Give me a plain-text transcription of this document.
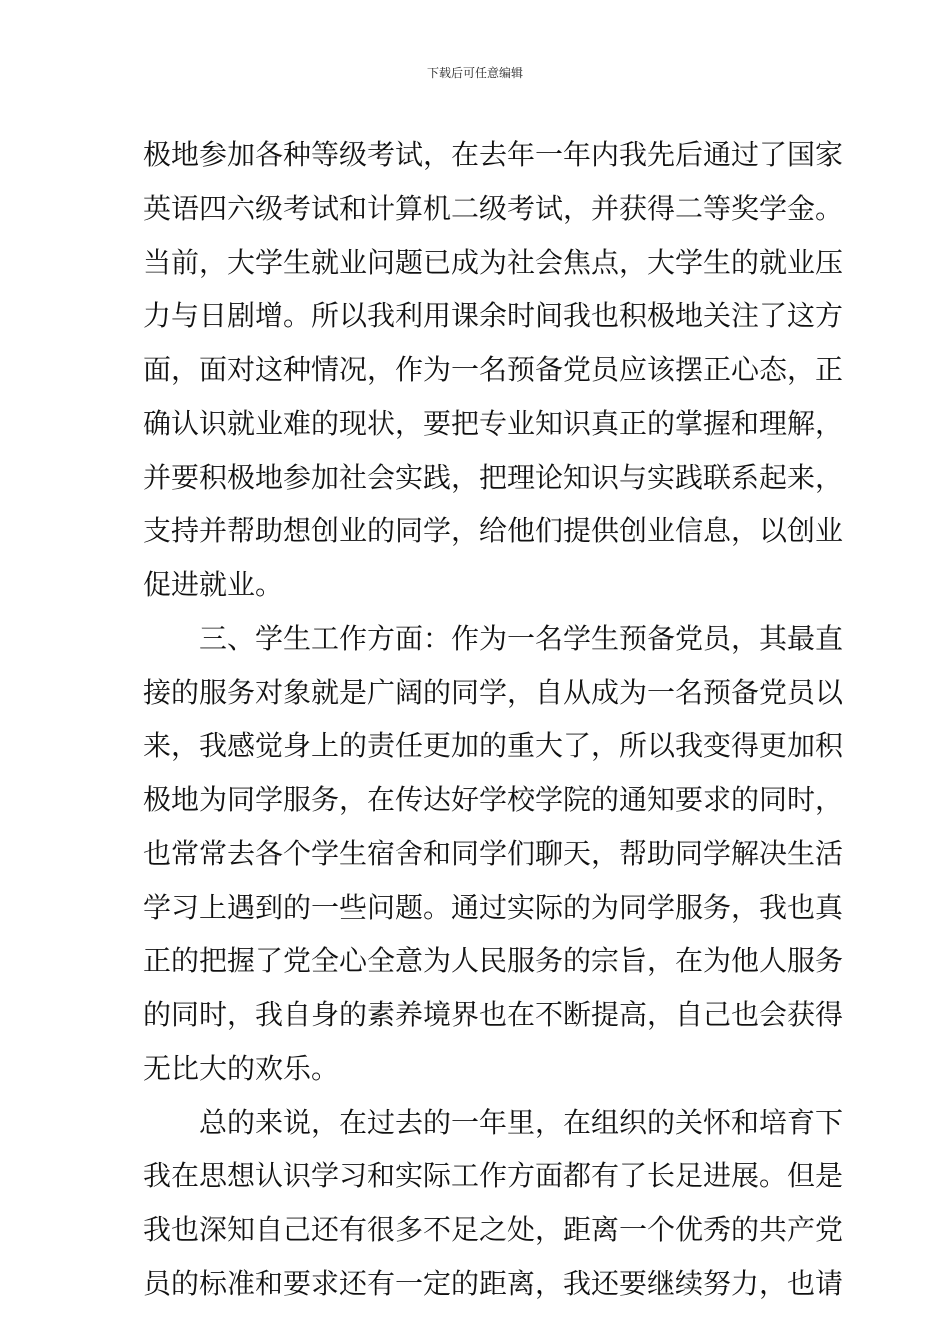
下载后可任意编辑
极地参加各种等级考试，在去年一年内我先后通过了国家
英语四六级考试和计算机二级考试，并获得二等奖学金。
当前，大学生就业问题已成为社会焦点，大学生的就业压
力与日剧增。所以我利用课余时间我也积极地关注了这方
面，面对这种情况，作为一名预备党员应该摆正心态，正
确认识就业难的现状，要把专业知识真正的掌握和理解，
并要积极地参加社会实践，把理论知识与实践联系起来，
支持并帮助想创业的同学，给他们提供创业信息，以创业
促进就业。
三、学生工作方面：作为一名学生预备党员，其最直
接的服务对象就是广阔的同学，自从成为一名预备党员以
来，我感觉身上的责任更加的重大了，所以我变得更加积
极地为同学服务，在传达好学校学院的通知要求的同时，
也常常去各个学生宿舍和同学们聊天，帮助同学解决生活
学习上遇到的一些问题。通过实际的为同学服务，我也真
正的把握了党全心全意为人民服务的宗旨，在为他人服务
的同时，我自身的素养境界也在不断提高，自己也会获得
无比大的欢乐。
总的来说，在过去的一年里，在组织的关怀和培育下
我在思想认识学习和实际工作方面都有了长足进展。但是
我也深知自己还有很多不足之处，距离一个优秀的共产党
员的标准和要求还有一定的距离，我还要继续努力，也请
